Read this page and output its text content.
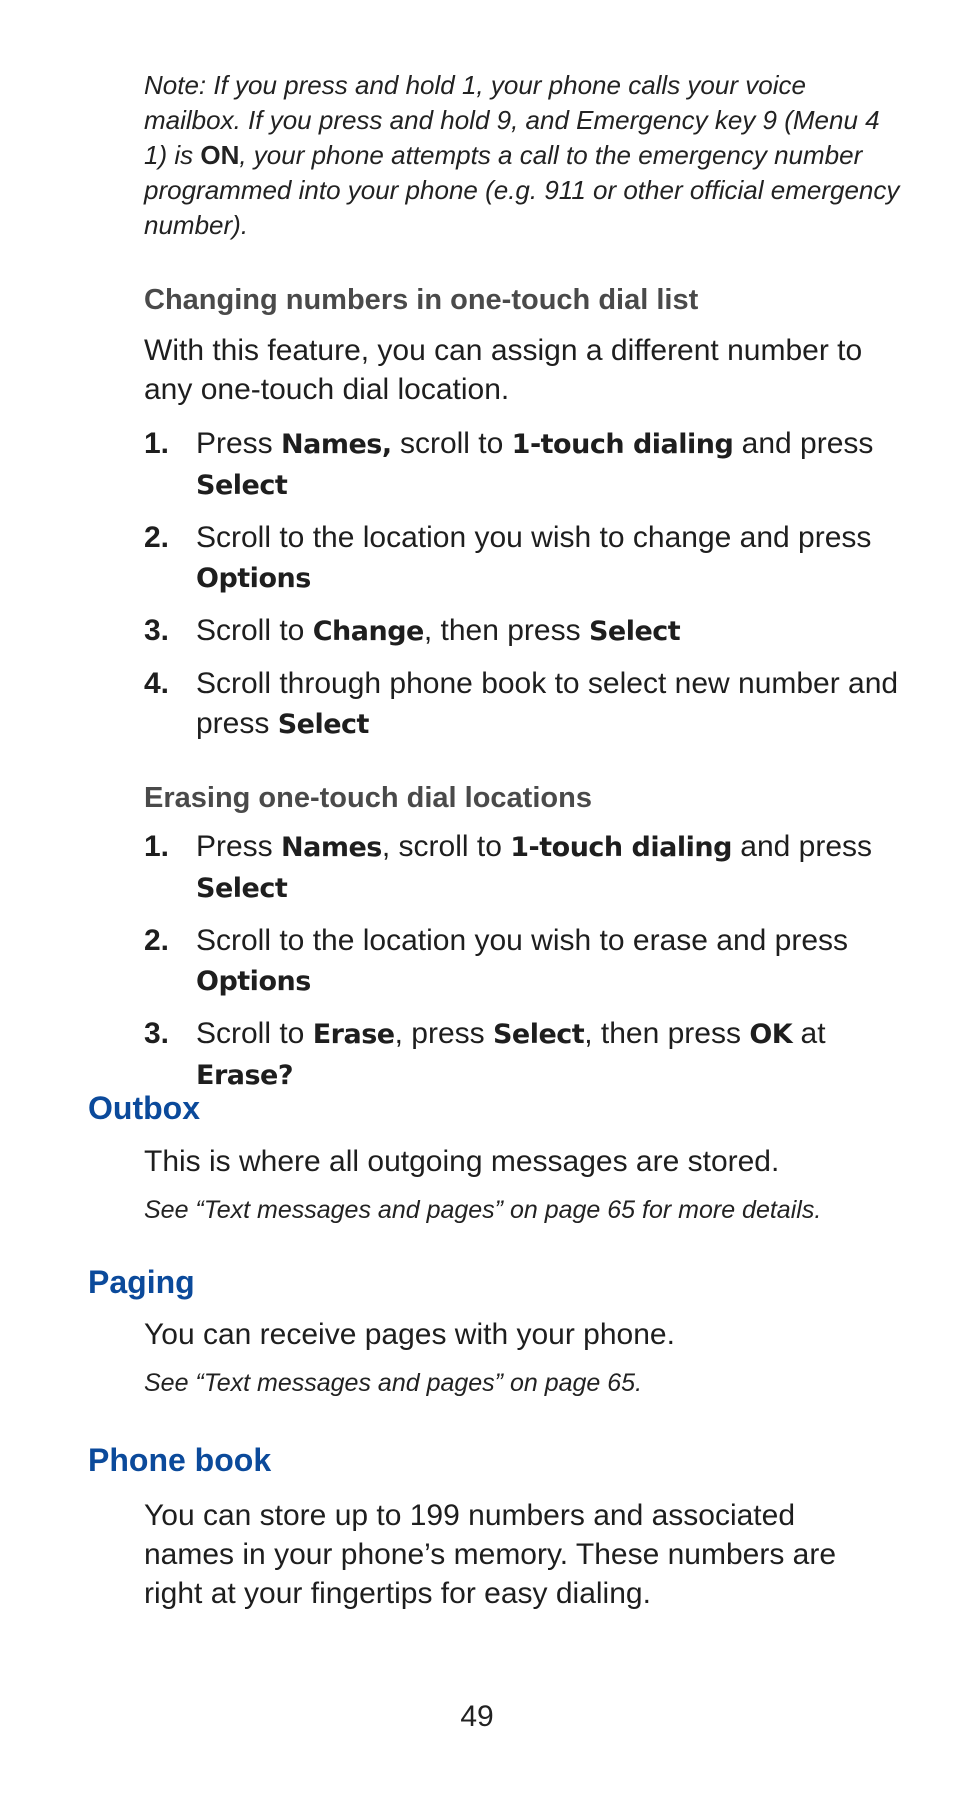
Note: If you press and hold 1, your phone calls your voice mailbox. If you press and hold 9, and Emergency key 9 (Menu 4 1) is ON, your phone attempts a call to the emergency number programmed into your phone (e.g. 911 or other official emergency number).
Changing numbers in one-touch dial list
With this feature, you can assign a different number to any one-touch dial location.
1. Press Names, scroll to 1-touch dialing and press
Select
2. Scroll to the location you wish to change and press
Options
3. Scroll to Change, then press Select
4. Scroll through phone book to select new number and press Select
Erasing one-touch dial locations
1. Press Names, scroll to 1-touch dialing and press
Select
2. Scroll to the location you wish to erase and press
Options
3. Scroll to Erase, press Select, then press OK at Erase?
Outbox
This is where all outgoing messages are stored.
See “Text messages and pages” on page 65 for more details.
Paging
You can receive pages with your phone.
See “Text messages and pages” on page 65.
Phone book
You can store up to 199 numbers and associated names in your phone’s memory. These numbers are right at your fingertips for easy dialing.
49
